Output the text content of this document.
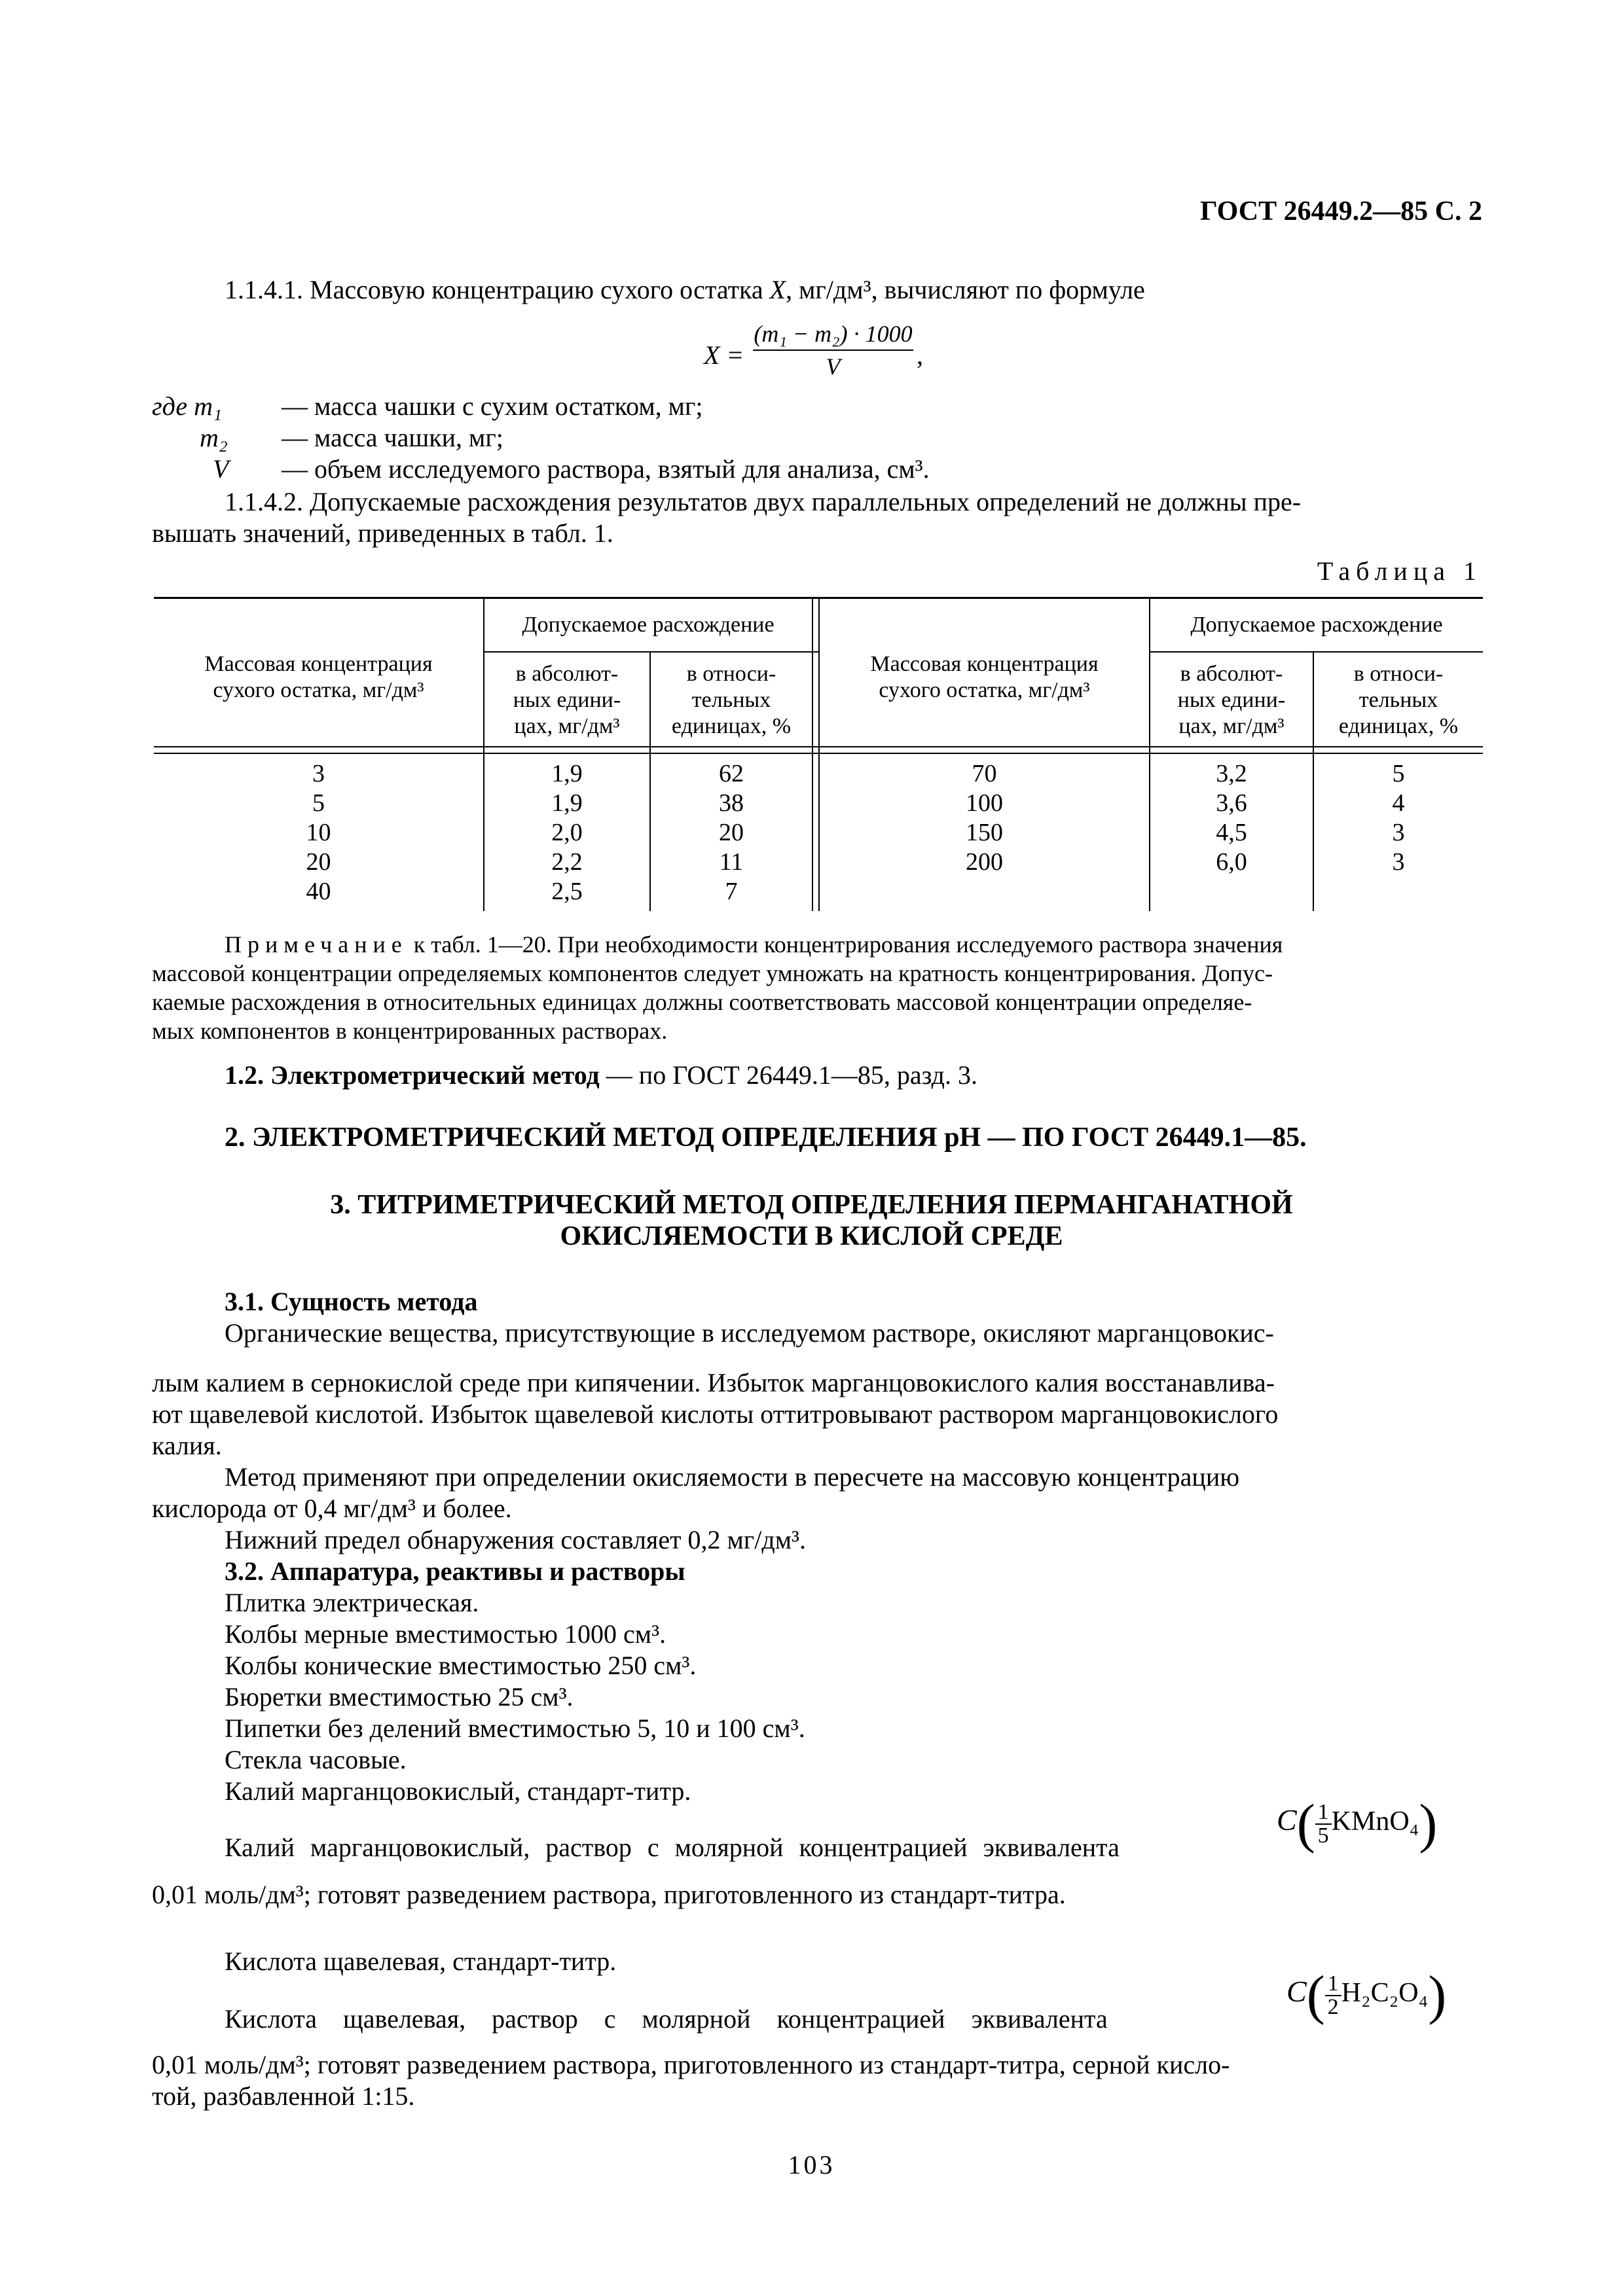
ГОСТ 26449.2—85 С. 2
1.1.4.1. Массовую концентрацию сухого остатка X, мг/дм³, вычисляют по формуле
X =
(m₁ − m₂) · 1000
V	,
где m₁ — масса чашки с сухим остатком, мг;
m₂ — масса чашки, мг;
V — объем исследуемого раствора, взятый для анализа, см³.
1.1.4.2. Допускаемые расхождения результатов двух параллельных определений не должны пре-
вышать значений, приведенных в табл. 1.
Таблица 1
Массовая концентрация
сухого остатка, мг/дм³
Допускаемое расхождение
в абсолют-
ных едини-
цах, мг/дм³
в относи-
тельных
единицах, %
Массовая концентрация
сухого остатка, мг/дм³
Допускаемое расхождение
в абсолют-
ных едини-
цах, мг/дм³
в относи-
тельных
единицах, %
3
5
10
20
40
1,9
1,9
2,0
2,2
2,5
62
38
20
11
7
70
100
150
200
3,2
3,6
4,5
6,0
5
4
3
3
Примечание к табл. 1—20. При необходимости концентрирования исследуемого раствора значения
массовой концентрации определяемых компонентов следует умножать на кратность концентрирования. Допус-
каемые расхождения в относительных единицах должны соответствовать массовой концентрации определяе-
мых компонентов в концентрированных растворах.
1.2. Электрометрический метод — по ГОСТ 26449.1—85, разд. 3.
2. ЭЛЕКТРОМЕТРИЧЕСКИЙ МЕТОД ОПРЕДЕЛЕНИЯ pH — ПО ГОСТ 26449.1—85.
3. ТИТРИМЕТРИЧЕСКИЙ МЕТОД ОПРЕДЕЛЕНИЯ ПЕРМАНГАНАТНОЙ
ОКИСЛЯЕМОСТИ В КИСЛОЙ СРЕДЕ
3.1. Сущность метода
Органические вещества, присутствующие в исследуемом растворе, окисляют марганцовокис-
лым калием в сернокислой среде при кипячении. Избыток марганцовокислого калия восстанавлива-
ют щавелевой кислотой. Избыток щавелевой кислоты оттитровывают раствором марганцовокислого
калия.
Метод применяют при определении окисляемости в пересчете на массовую концентрацию
кислорода от 0,4 мг/дм³ и более.
Нижний предел обнаружения составляет 0,2 мг/дм³.
3.2. Аппаратура, реактивы и растворы
Плитка электрическая.
Колбы мерные вместимостью 1000 см³.
Колбы конические вместимостью 250 см³.
Бюретки вместимостью 25 см³.
Пипетки без делений вместимостью 5, 10 и 100 см³.
Стекла часовые.
Калий марганцовокислый, стандарт-титр.
Калий марганцовокислый, раствор с молярной концентрацией эквивалента
$C( \frac{1}{5}$ KMnO₄)
0,01 моль/дм³; готовят разведением раствора, приготовленного из стандарт-титра.
Кислота щавелевая, стандарт-титр.
Кислота щавелевая, раствор с молярной концентрацией эквивалента
$C( \frac{1}{2} H_2C_2O_4)$
0,01 моль/дм³; готовят разведением раствора, приготовленного из стандарт-титра, серной кисло-
той, разбавленной 1:15.
103
